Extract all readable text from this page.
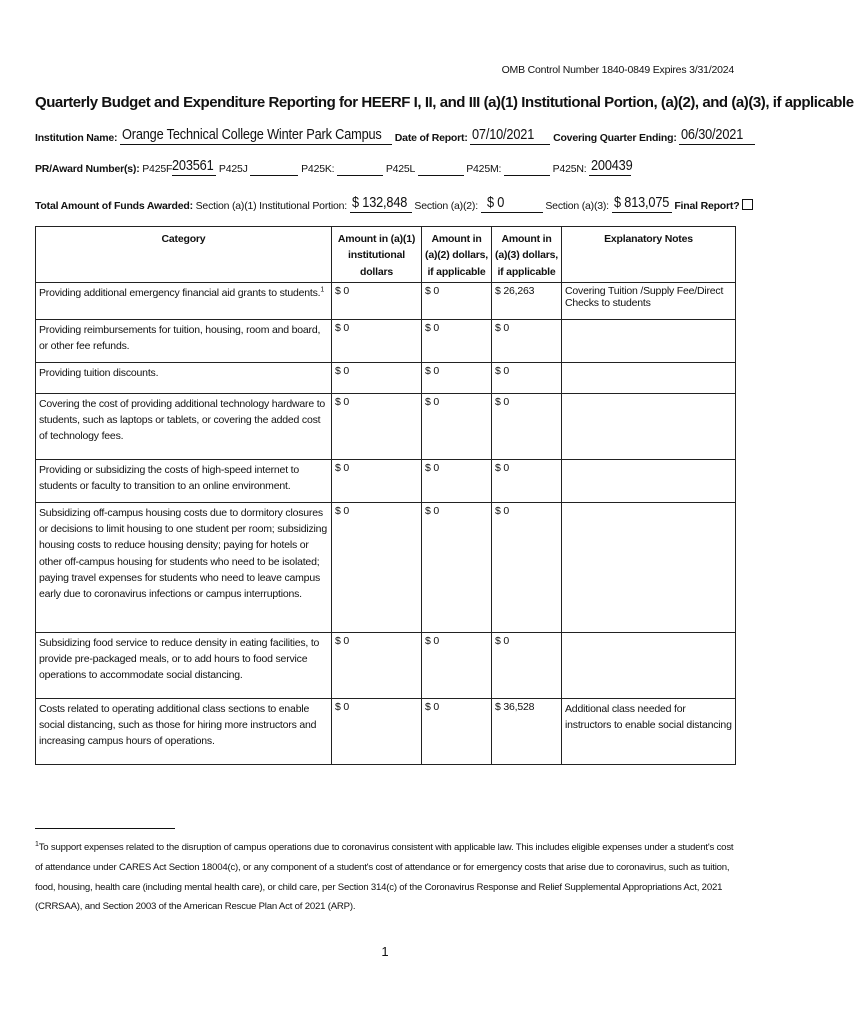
OMB Control Number 1840-0849 Expires 3/31/2024
Quarterly Budget and Expenditure Reporting for HEERF I, II, and III (a)(1) Institutional Portion, (a)(2), and (a)(3), if applicable
Institution Name: Orange Technical College Winter Park Campus Date of Report: 07/10/2021 Covering Quarter Ending: 06/30/2021
PR/Award Number(s): P425F 203561 P425J	P425K:	P425L	P425M:	P425N: 200439
Total Amount of Funds Awarded: Section (a)(1) Institutional Portion: $ 132,848 Section (a)(2): $ 0	Section (a)(3): $ 813,075 Final Report?
Category	Amount in (a)(1) institutional dollars	Amount in (a)(2) dollars, if applicable	Amount in (a)(3) dollars, if applicable	Explanatory Notes
Providing additional emergency financial aid grants to students.$^1$	$ 0	$ 0	$ 26,263	Covering Tuition /Supply Fee/Direct Checks to students
Providing reimbursements for tuition, housing, room and board, or other fee refunds.	$ 0	$ 0	$ 0	
Providing tuition discounts.	$ 0	$ 0	$ 0	
Covering the cost of providing additional technology hardware to students, such as laptops or tablets, or covering the added cost of technology fees.	$ 0	$ 0	$ 0	
Providing or subsidizing the costs of high-speed internet to students or faculty to transition to an online environment.	$ 0	$ 0	$ 0	
Subsidizing off-campus housing costs due to dormitory closures or decisions to limit housing to one student per room; subsidizing housing costs to reduce housing density; paying for hotels or other off-campus housing for students who need to be isolated; paying travel expenses for students who need to leave campus early due to coronavirus infections or campus interruptions.	$ 0	$ 0	$ 0	
Subsidizing food service to reduce density in eating facilities, to provide pre-packaged meals, or to add hours to food service operations to accommodate social distancing.	$ 0	$ 0	$ 0	
Costs related to operating additional class sections to enable social distancing, such as those for hiring more instructors and increasing campus hours of operations.	$ 0	$ 0	$ 36,528	Additional class needed for instructors to enable social distancing
$^1$To support expenses related to the disruption of campus operations due to coronavirus consistent with applicable law. This includes eligible expenses under a student's cost of attendance under CARES Act Section 18004(c), or any component of a student's cost of attendance or for emergency costs that arise due to coronavirus, such as tuition, food, housing, health care (including mental health care), or child care, per Section 314(c) of the Coronavirus Response and Relief Supplemental Appropriations Act, 2021 (CRRSAA), and Section 2003 of the American Rescue Plan Act of 2021 (ARP).
1
